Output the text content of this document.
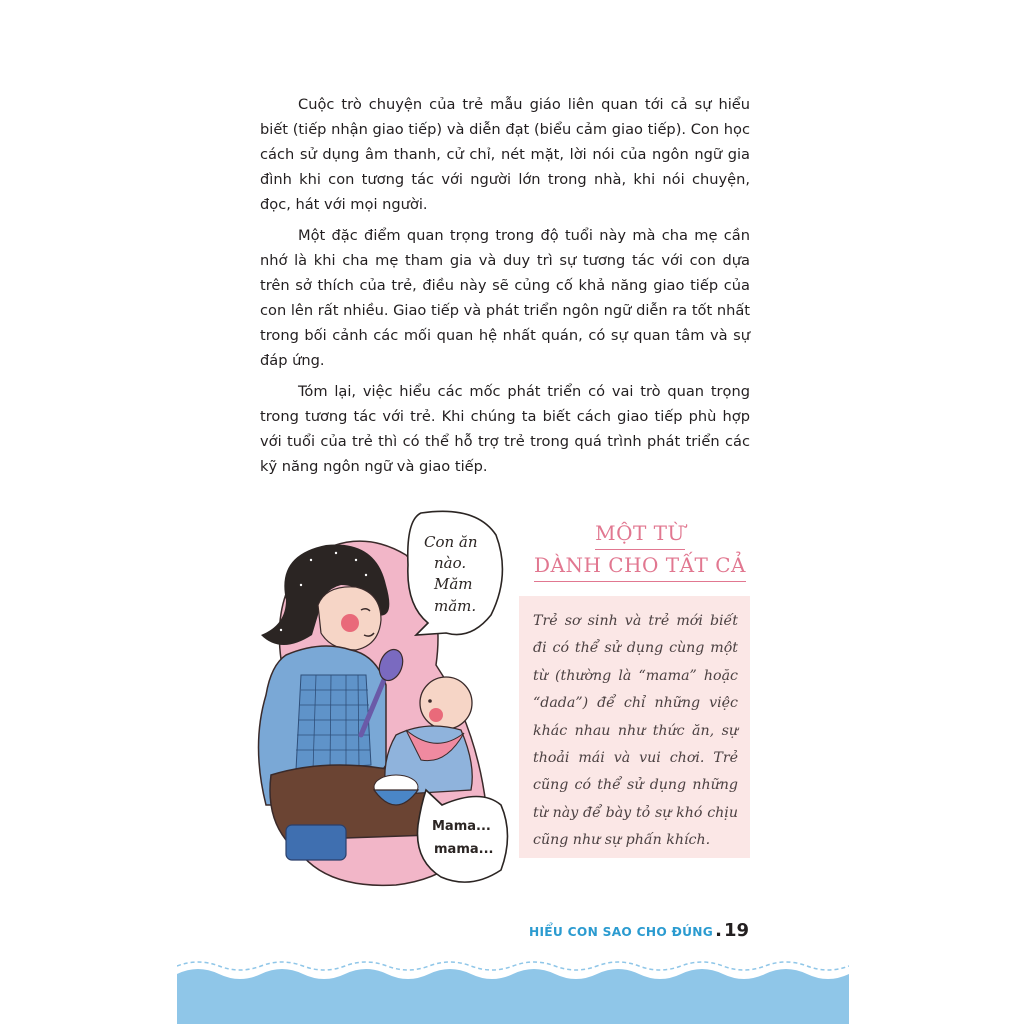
Cuộc trò chuyện của trẻ mẫu giáo liên quan tới cả sự hiểu biết (tiếp nhận giao tiếp) và diễn đạt (biểu cảm giao tiếp). Con học cách sử dụng âm thanh, cử chỉ, nét mặt, lời nói của ngôn ngữ gia đình khi con tương tác với người lớn trong nhà, khi nói chuyện, đọc, hát với mọi người.

Một đặc điểm quan trọng trong độ tuổi này mà cha mẹ cần nhớ là khi cha mẹ tham gia và duy trì sự tương tác với con dựa trên sở thích của trẻ, điều này sẽ củng cố khả năng giao tiếp của con lên rất nhiều. Giao tiếp và phát triển ngôn ngữ diễn ra tốt nhất trong bối cảnh các mối quan hệ nhất quán, có sự quan tâm và sự đáp ứng.

Tóm lại, việc hiểu các mốc phát triển có vai trò quan trọng trong tương tác với trẻ. Khi chúng ta biết cách giao tiếp phù hợp với tuổi của trẻ thì có thể hỗ trợ trẻ trong quá trình phát triển các kỹ năng ngôn ngữ và giao tiếp.

Con ăn nào. Măm măm.
Mama... mama...
MỘT TỪ
DÀNH CHO TẤT CẢ
Trẻ sơ sinh và trẻ mới biết đi có thể sử dụng cùng một từ (thường là “mama” hoặc “dada”) để chỉ những việc khác nhau như thức ăn, sự thoải mái và vui chơi. Trẻ cũng có thể sử dụng những từ này để bày tỏ sự khó chịu cũng như sự phấn khích.
HIỂU CON SAO CHO ĐÚNG . 19
